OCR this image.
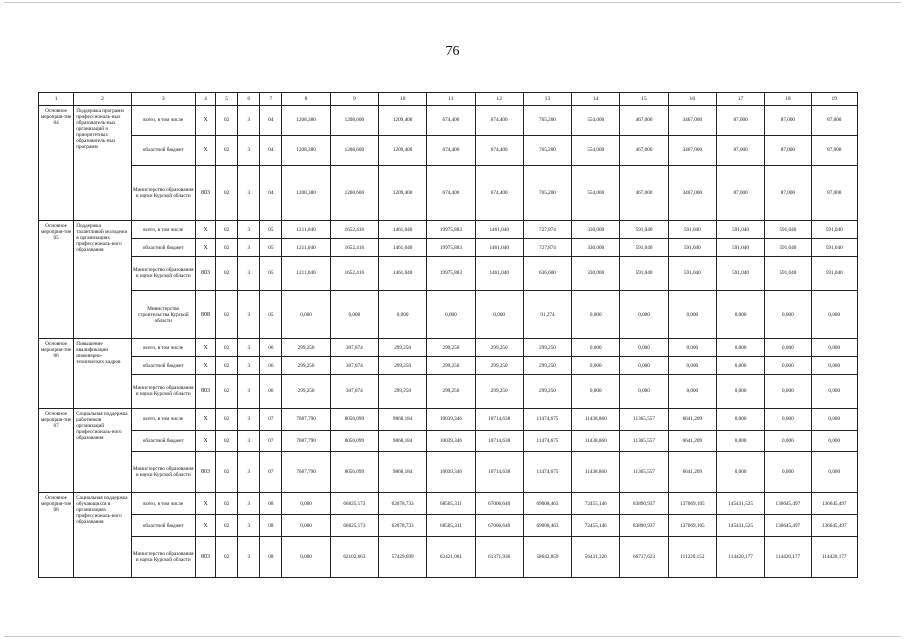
76
1	2	3	4	5	6	7	8	9	10	11	12	13	14	15	16	17	18	19
Основное мероприя-тие 04	Поддержка программ профессиональ-ных образователь-ных организаций и приоритетных образователь-ных программ	всего, в том числе	X	02	3	04	1208,380	1208,600	1209,400	674,400	674,400	765,200	554,000	467,000	3467,000	87,000	87,000	87,000
		областной бюджет	X	02	3	04	1208,380	1208,600	1209,400	674,400	674,400	765,200	554,000	467,000	3467,000	87,000	87,000	87,000
		Министерство образования и науки Курской области	803	02	3	04	1208,380	1208,600	1209,400	674,400	674,400	765,200	554,000	467,000	3467,000	87,000	87,000	87,000
Основное мероприя-тие 05	Поддержка талантливой молодежи в организациях профессиональ-ного образования	всего, в том числе	X	02	3	05	1211,040	1652,416	1461,040	19975,883	1461,040	727,874	330,000	591,040	591,040	591,040	591,040	591,040
		областной бюджет	X	02	3	05	1211,040	1652,416	1461,040	19975,883	1461,040	727,874	330,000	591,040	591,040	591,040	591,040	591,040
		Министерство образования и науки Курской области	803	02	3	05	1211,040	1652,416	1461,040	19975,883	1461,040	636,600	330,000	591,040	591,040	591,040	591,040	591,040
		Министерство строительства Курской области	808	02	3	05	0,000	0,000	0,000	0,000	0,000	91,274	0,000	0,000	0,000	0,000	0,000	0,000
Основное мероприя-тие 06	Повышение квалификации инженерно-технических кадров	всего, в том числе	X	02	3	06	299,250	307,874	299,250	299,250	299,250	299,250	0,000	0,000	0,000	0,000	0,000	0,000
		областной бюджет	X	02	3	06	299,250	307,874	299,250	299,250	299,250	299,250	0,000	0,000	0,000	0,000	0,000	0,000
		Министерство образования и науки Курской области	803	02	3	06	299,250	307,874	299,250	299,250	299,250	299,250	0,000	0,000	0,000	0,000	0,000	0,000
Основное мероприя-тие 07	Социальная поддержка работников организаций профессиональ-ного образования	всего, в том числе	X	02	3	07	7687,790	8056,099	9868,184	10039,346	10714,638	11474,675	11438,860	11365,557	6641,209	0,000	0,000	0,000
		областной бюджет	X	02	3	07	7687,790	8056,099	9868,184	10039,346	10714,638	11474,675	11438,860	11365,557	6641,209	0,000	0,000	0,000
		Министерство образования и науки Курской области	803	02	3	07	7687,790	8056,099	9868,184	10039,346	10714,638	11474,675	11438,860	11365,557	6641,209	0,000	0,000	0,000
Основное мероприя-тие 08	Социальная поддержка обучающихся в организациях профессиональ-ного образования	всего, в том числе	X	02	3	08	0,000	66825,173	62078,733	68505,311	67006,640	69008,463	72455,146	83890,937	137069,105	145431,525	136645,497	136645,497
		областной бюджет	X	02	3	08	0,000	66825,173	62078,733	68505,311	67006,640	69008,463	72455,146	83890,937	137069,105	145431,525	136645,497	136645,497
		Министерство образования и науки Курской области	803	02	3	08	0,000	62102,663	57429,699	62421,061	61371,936	58642,859	56431,326	66717,623	111220,152	114420,177	114420,177	114420,177
